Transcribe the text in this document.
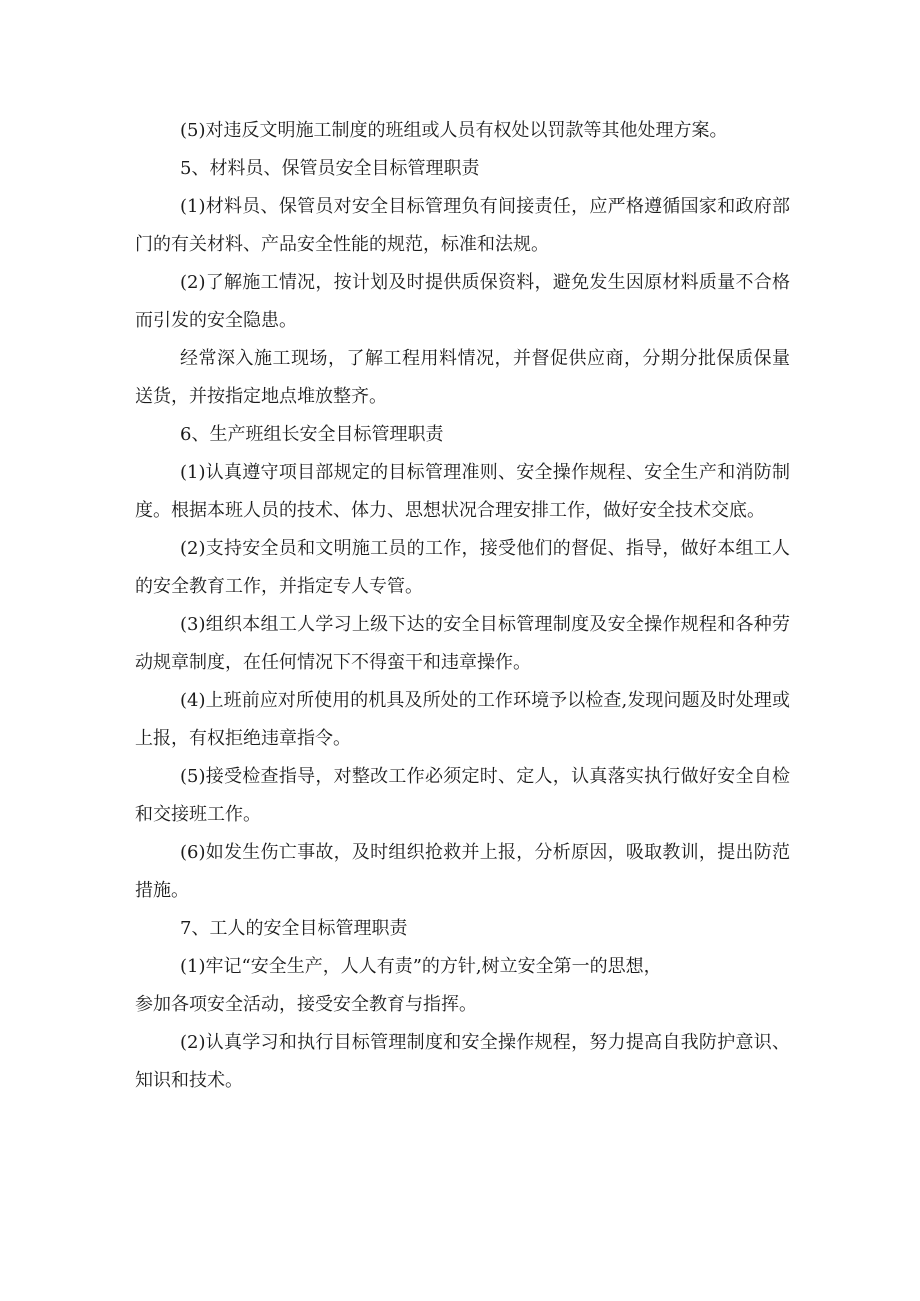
(5)对违反文明施工制度的班组或人员有权处以罚款等其他处理方案。

5、材料员、保管员安全目标管理职责

(1)材料员、保管员对安全目标管理负有间接责任，应严格遵循国家和政府部门的有关材料、产品安全性能的规范，标准和法规。

(2)了解施工情况，按计划及时提供质保资料，避免发生因原材料质量不合格而引发的安全隐患。

经常深入施工现场，了解工程用料情况，并督促供应商，分期分批保质保量送货，并按指定地点堆放整齐。

6、生产班组长安全目标管理职责

(1)认真遵守项目部规定的目标管理准则、安全操作规程、安全生产和消防制度。根据本班人员的技术、体力、思想状况合理安排工作，做好安全技术交底。

(2)支持安全员和文明施工员的工作，接受他们的督促、指导，做好本组工人的安全教育工作，并指定专人专管。

(3)组织本组工人学习上级下达的安全目标管理制度及安全操作规程和各种劳动规章制度，在任何情况下不得蛮干和违章操作。

(4)上班前应对所使用的机具及所处的工作环境予以检查,发现问题及时处理或上报，有权拒绝违章指令。

(5)接受检查指导，对整改工作必须定时、定人，认真落实执行做好安全自检和交接班工作。

(6)如发生伤亡事故，及时组织抢救并上报，分析原因，吸取教训，提出防范措施。

7、工人的安全目标管理职责

(1)牢记“安全生产，人人有责”的方针,树立安全第一的思想，

参加各项安全活动，接受安全教育与指挥。

(2)认真学习和执行目标管理制度和安全操作规程，努力提高自我防护意识、知识和技术。
